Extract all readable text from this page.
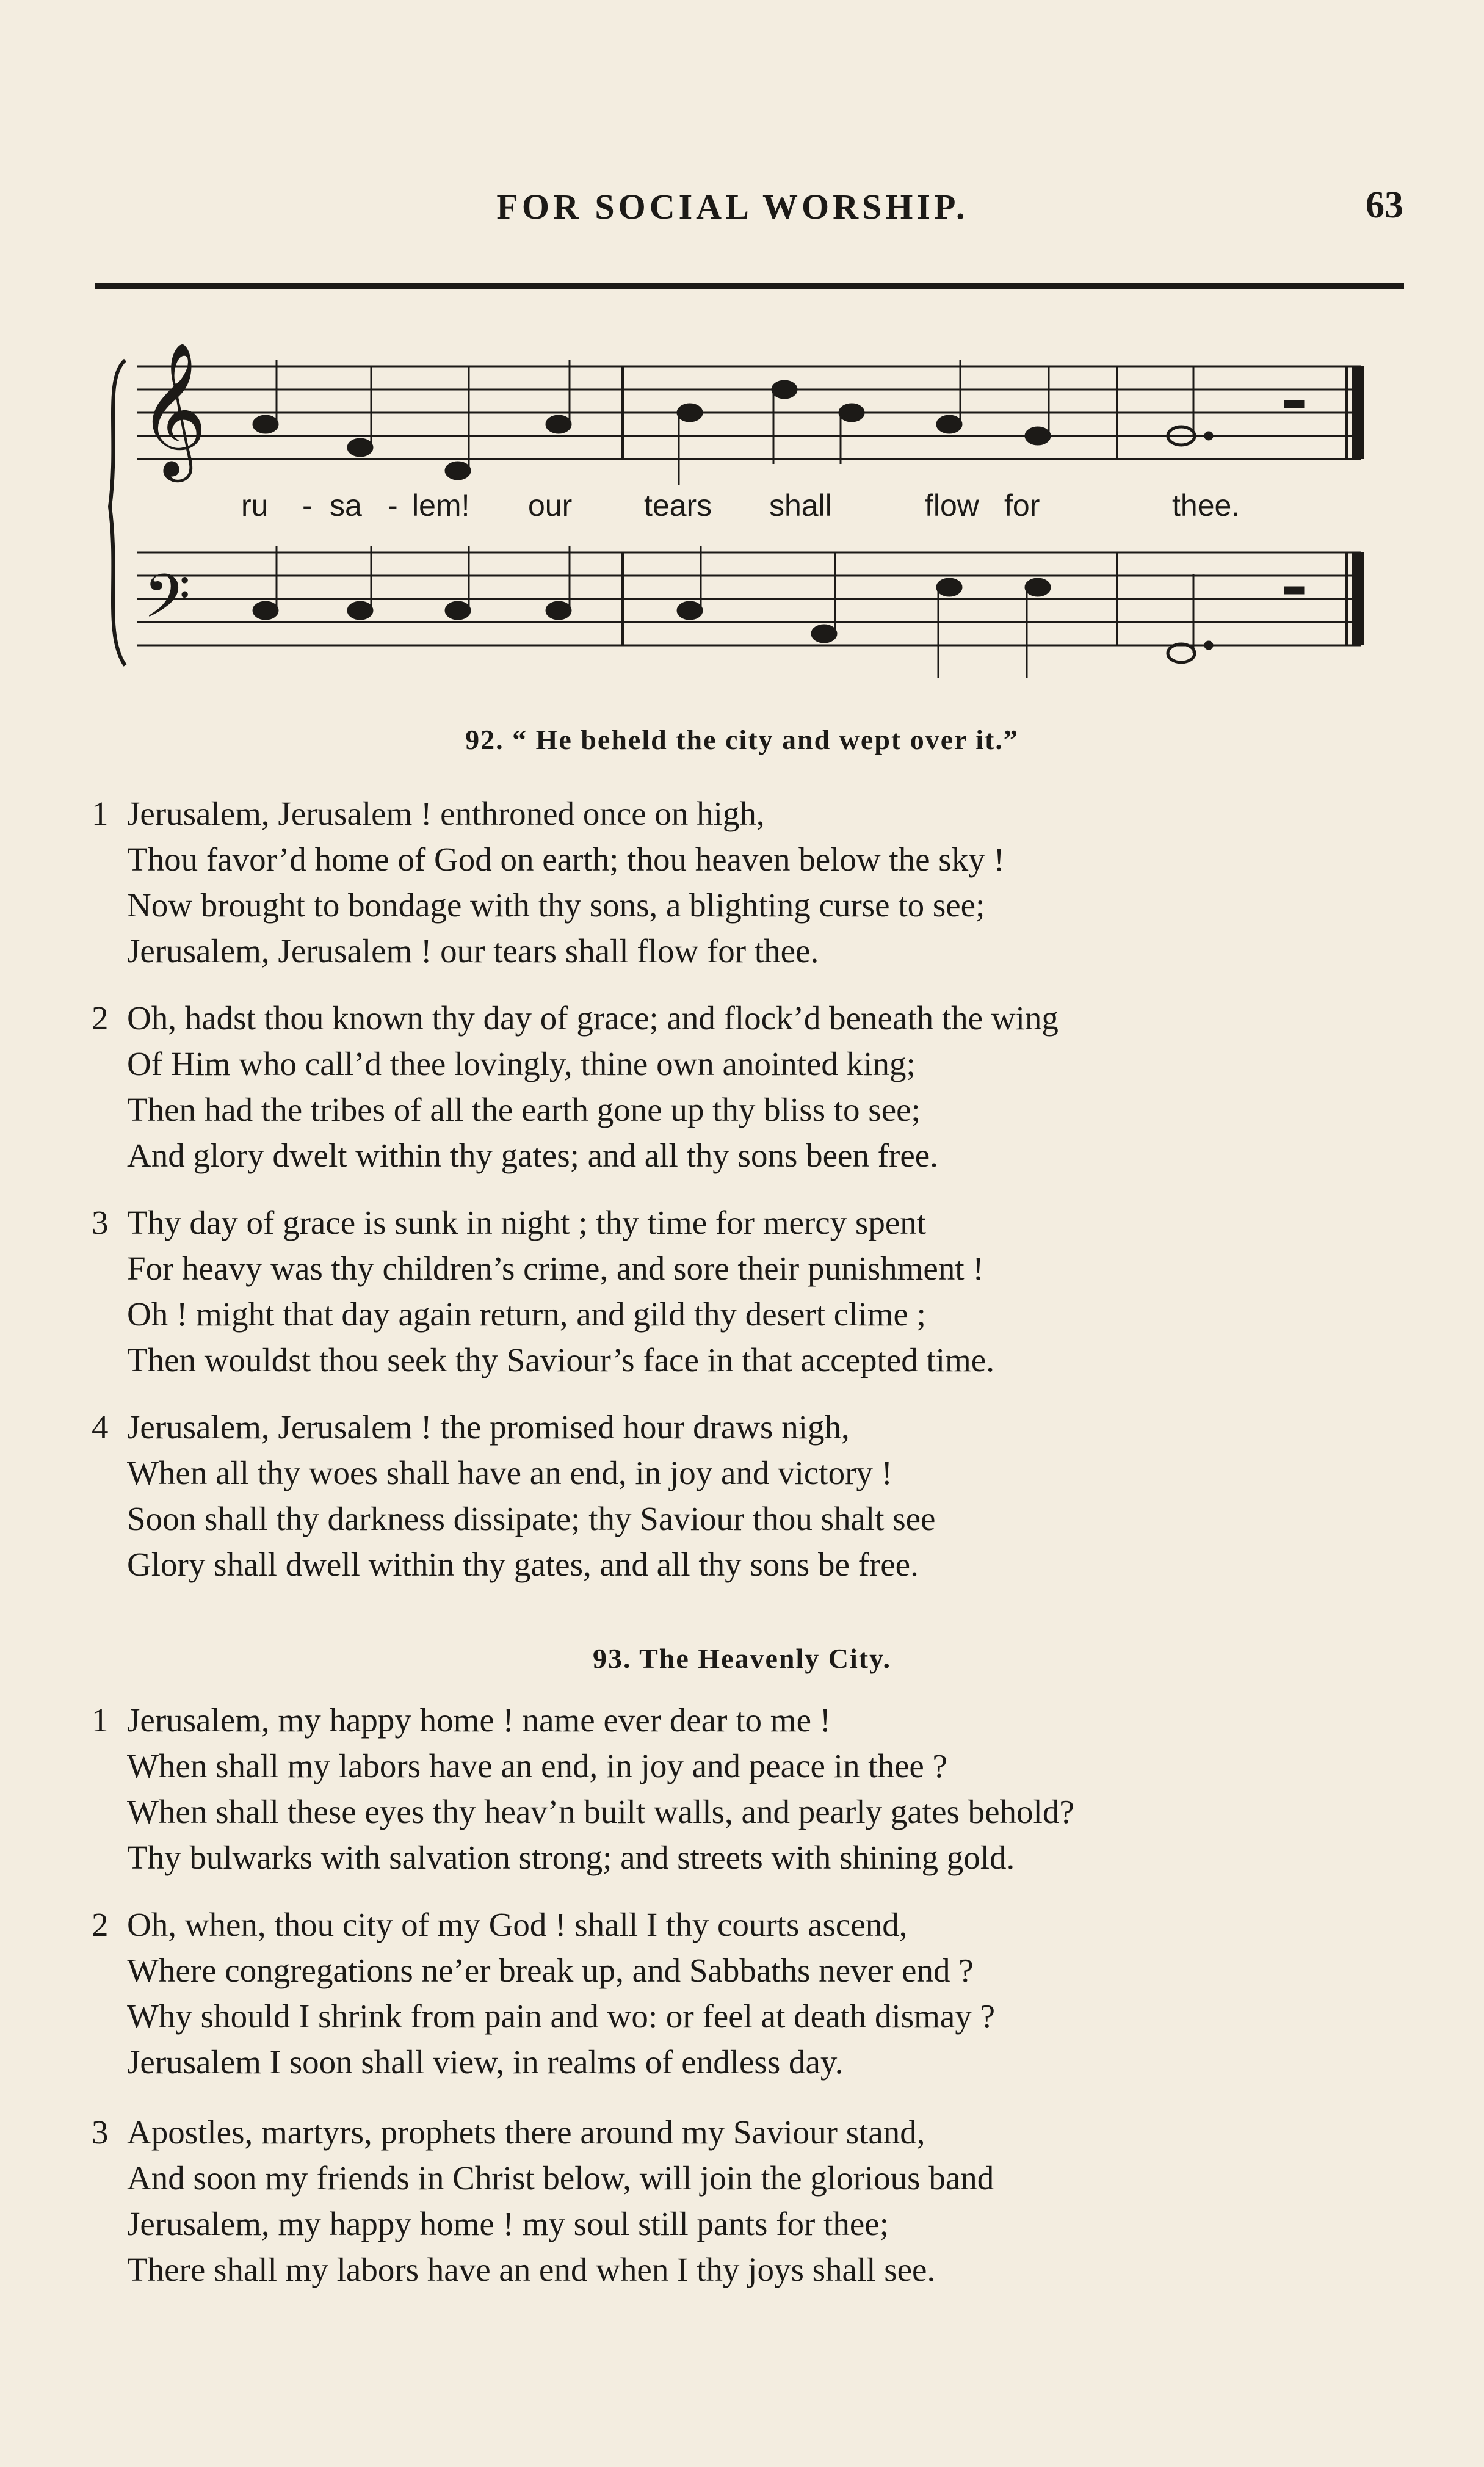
FOR SOCIAL WORSHIP.	63
𝄞
𝄢
ru - sa - lem! our tears shall	flow for	thee.
92. “ He beheld the city and wept over it.”
1 Jerusalem, Jerusalem ! enthroned once on high,
Thou favor’d home of God on earth; thou heaven below the sky !
Now brought to bondage with thy sons, a blighting curse to see;
Jerusalem, Jerusalem ! our tears shall flow for thee.
2 Oh, hadst thou known thy day of grace; and flock’d beneath the wing
Of Him who call’d thee lovingly, thine own anointed king;
Then had the tribes of all the earth gone up thy bliss to see;
And glory dwelt within thy gates; and all thy sons been free.
3 Thy day of grace is sunk in night ; thy time for mercy spent
For heavy was thy children’s crime, and sore their punishment !
Oh ! might that day again return, and gild thy desert clime ;
Then wouldst thou seek thy Saviour’s face in that accepted time.
4 Jerusalem, Jerusalem ! the promised hour draws nigh,
When all thy woes shall have an end, in joy and victory !
Soon shall thy darkness dissipate; thy Saviour thou shalt see
Glory shall dwell within thy gates, and all thy sons be free.
93. The Heavenly City.
1 Jerusalem, my happy home ! name ever dear to me !
When shall my labors have an end, in joy and peace in thee ?
When shall these eyes thy heav’n built walls, and pearly gates behold?
Thy bulwarks with salvation strong; and streets with shining gold.
2 Oh, when, thou city of my God ! shall I thy courts ascend,
Where congregations ne’er break up, and Sabbaths never end ?
Why should I shrink from pain and wo: or feel at death dismay ?
Jerusalem I soon shall view, in realms of endless day.
3 Apostles, martyrs, prophets there around my Saviour stand,
And soon my friends in Christ below, will join the glorious band
Jerusalem, my happy home ! my soul still pants for thee;
There shall my labors have an end when I thy joys shall see.
